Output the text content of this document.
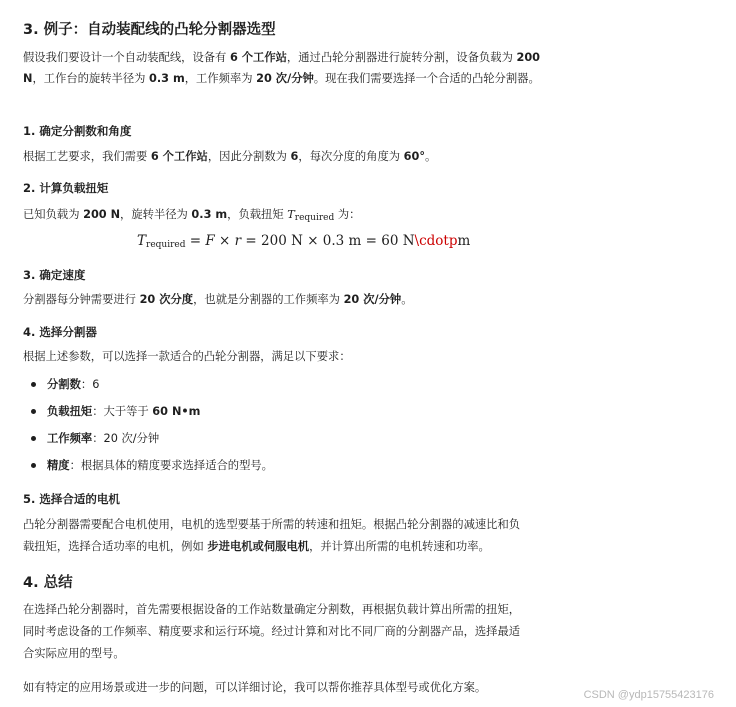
3. 例子：自动装配线的凸轮分割器选型

假设我们要设计一个自动装配线，设备有 6 个工作站，通过凸轮分割器进行旋转分割，设备负载为 200 N，工作台的旋转半径为 0.3 m，工作频率为 20 次/分钟。现在我们需要选择一个合适的凸轮分割器。

1. 确定分割数和角度

根据工艺要求，我们需要 6 个工作站，因此分割数为 6，每次分度的角度为 60°。

2. 计算负载扭矩

已知负载为 200 N，旋转半径为 0.3 m，负载扭矩 Trequired 为：

Trequired = F × r = 200 N × 0.3 m = 60 N\cdotpm
3. 确定速度

分割器每分钟需要进行 20 次分度，也就是分割器的工作频率为 20 次/分钟。

4. 选择分割器

根据上述参数，可以选择一款适合的凸轮分割器，满足以下要求：

分割数：6
负载扭矩：大于等于 60 N•m
工作频率：20 次/分钟
精度：根据具体的精度要求选择适合的型号。
5. 选择合适的电机

凸轮分割器需要配合电机使用，电机的选型要基于所需的转速和扭矩。根据凸轮分割器的减速比和负

载扭矩，选择合适功率的电机，例如 步进电机或伺服电机，并计算出所需的电机转速和功率。

4. 总结

在选择凸轮分割器时，首先需要根据设备的工作站数量确定分割数，再根据负载计算出所需的扭矩，

同时考虑设备的工作频率、精度要求和运行环境。经过计算和对比不同厂商的分割器产品，选择最适

合实际应用的型号。

如有特定的应用场景或进一步的问题，可以详细讨论，我可以帮你推荐具体型号或优化方案。

CSDN @ydp15755423176
